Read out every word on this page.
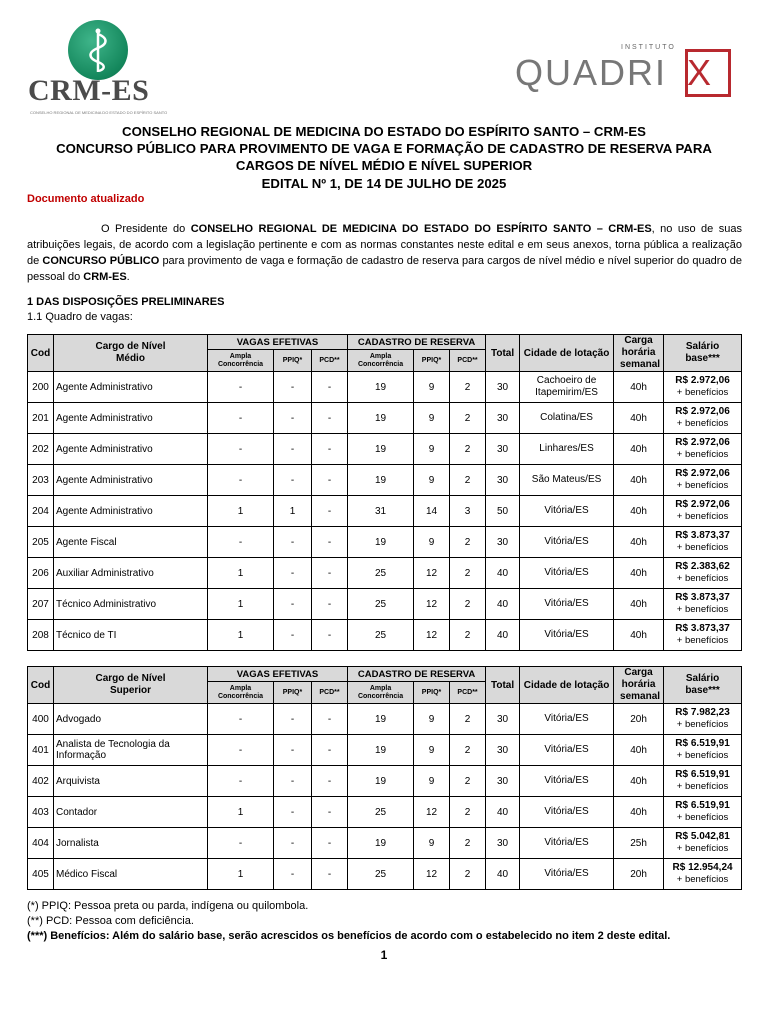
CRM-ES
CONSELHO REGIONAL DE MEDICINA DO ESTADO DO ESPÍRITO SANTO
INSTITUTO
QUADRI X
CONSELHO REGIONAL DE MEDICINA DO ESTADO DO ESPÍRITO SANTO – CRM-ES
CONCURSO PÚBLICO PARA PROVIMENTO DE VAGA E FORMAÇÃO DE CADASTRO DE RESERVA PARA
CARGOS DE NÍVEL MÉDIO E NÍVEL SUPERIOR
EDITAL Nº 1, DE 14 DE JULHO DE 2025
Documento atualizado

O Presidente do CONSELHO REGIONAL DE MEDICINA DO ESTADO DO ESPÍRITO SANTO – CRM-ES, no uso de suas atribuições legais, de acordo com a legislação pertinente e com as normas constantes neste edital e em seus anexos, torna pública a realização de CONCURSO PÚBLICO para provimento de vaga e formação de cadastro de reserva para cargos de nível médio e nível superior do quadro de pessoal do CRM-ES.

1 DAS DISPOSIÇÕES PRELIMINARES
1.1 Quadro de vagas:
Cod	Cargo de Nível Médio	VAGAS EFETIVAS			CADASTRO DE RESERVA			Total	Cidade de lotação	Carga horária semanal	Salário base***
		Ampla Concorrência	PPIQ*	PCD**	Ampla Concorrência	PPIQ*	PCD**				
200	Agente Administrativo	-	-	-	19	9	2	30	Cachoeiro de Itapemirim/ES	40h	R$ 2.972,06
+ benefícios

201	Agente Administrativo	-	-	-	19	9	2	30	Colatina/ES	40h	R$ 2.972,06
+ benefícios

202	Agente Administrativo	-	-	-	19	9	2	30	Linhares/ES	40h	R$ 2.972,06
+ benefícios

203	Agente Administrativo	-	-	-	19	9	2	30	São Mateus/ES	40h	R$ 2.972,06
+ benefícios

204	Agente Administrativo	1	1	-	31	14	3	50	Vitória/ES	40h	R$ 2.972,06
+ benefícios

205	Agente Fiscal	-	-	-	19	9	2	30	Vitória/ES	40h	R$ 3.873,37
+ benefícios

206	Auxiliar Administrativo	1	-	-	25	12	2	40	Vitória/ES	40h	R$ 2.383,62
+ benefícios

207	Técnico Administrativo	1	-	-	25	12	2	40	Vitória/ES	40h	R$ 3.873,37
+ benefícios

208	Técnico de TI	1	-	-	25	12	2	40	Vitória/ES	40h	R$ 3.873,37
+ benefícios
Cod	Cargo de Nível Superior	VAGAS EFETIVAS			CADASTRO DE RESERVA			Total	Cidade de lotação	Carga horária semanal	Salário base***
		Ampla Concorrência	PPIQ*	PCD**	Ampla Concorrência	PPIQ*	PCD**				
400	Advogado	-	-	-	19	9	2	30	Vitória/ES	20h	R$ 7.982,23
+ benefícios

401	Analista de Tecnologia da Informação	-	-	-	19	9	2	30	Vitória/ES	40h	R$ 6.519,91
+ benefícios

402	Arquivista	-	-	-	19	9	2	30	Vitória/ES	40h	R$ 6.519,91
+ benefícios

403	Contador	1	-	-	25	12	2	40	Vitória/ES	40h	R$ 6.519,91
+ benefícios

404	Jornalista	-	-	-	19	9	2	30	Vitória/ES	25h	R$ 5.042,81
+ benefícios

405	Médico Fiscal	1	-	-	25	12	2	40	Vitória/ES	20h	R$ 12.954,24
+ benefícios
(*) PPIQ: Pessoa preta ou parda, indígena ou quilombola.
(**) PCD: Pessoa com deficiência.
(***) Benefícios: Além do salário base, serão acrescidos os benefícios de acordo com o estabelecido no item 2 deste edital.
1
